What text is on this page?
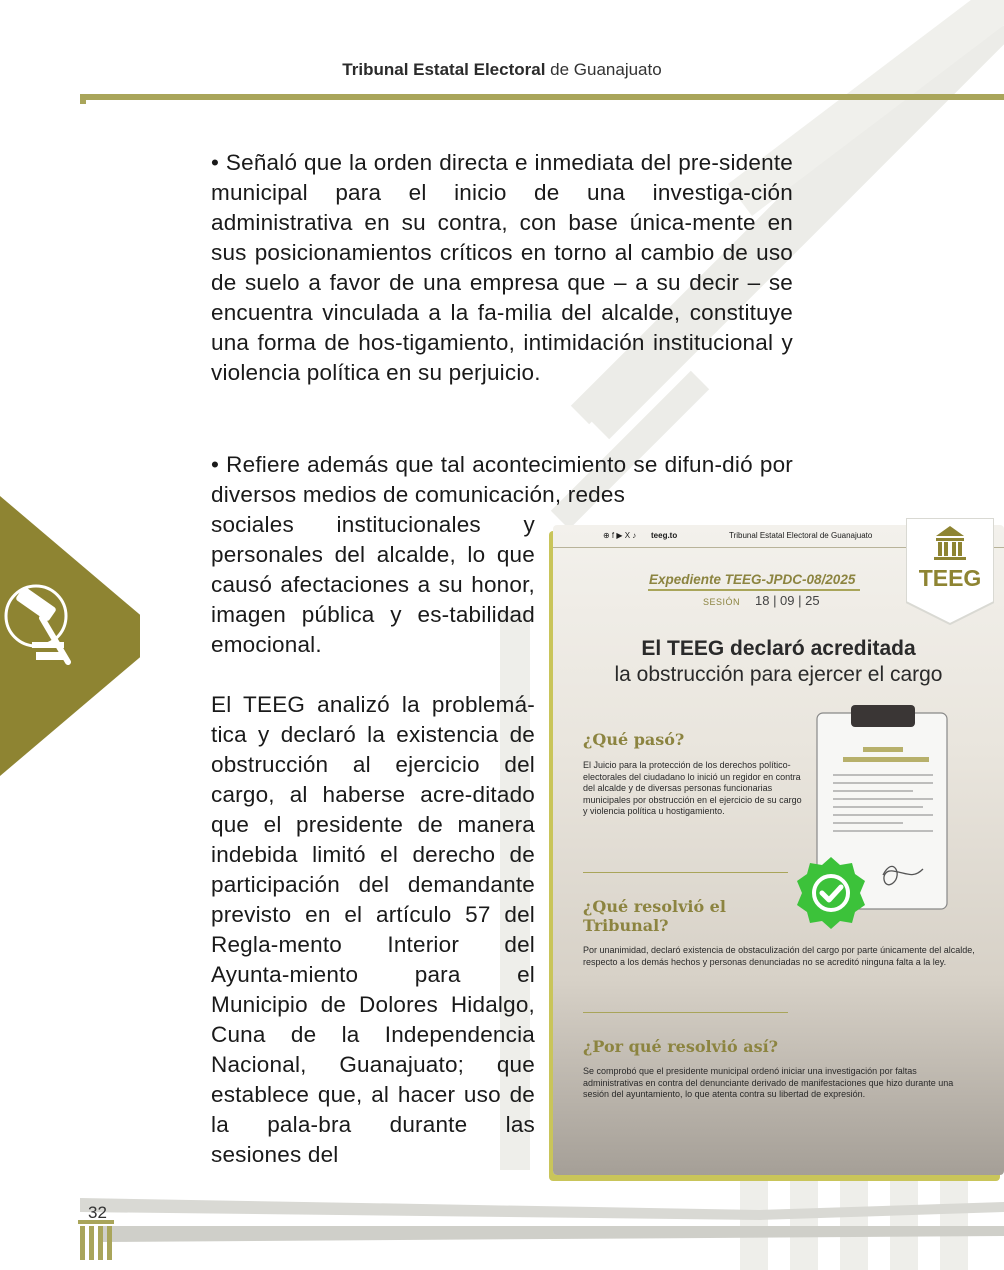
Tribunal Estatal Electoral de Guanajuato
• Señaló que la orden directa e inmediata del pre-sidente municipal para el inicio de una investiga-ción administrativa en su contra, con base única-mente en sus posicionamientos críticos en torno al cambio de uso de suelo a favor de una empresa que – a su decir – se encuentra vinculada a la fa-milia del alcalde, constituye una forma de hos-tigamiento, intimidación institucional y violencia política en su perjuicio.
• Refiere además que tal acontecimiento se difun-dió por diversos medios de comunicación, redes
sociales institucionales y personales del alcalde, lo que causó afectaciones a su honor, imagen pública y es-tabilidad emocional.
El TEEG analizó la problemá-tica y declaró la existencia de obstrucción al ejercicio del cargo, al haberse acre-ditado que el presidente de manera indebida limitó el derecho de participación del demandante previsto en el artículo 57 del Regla-mento Interior del Ayunta-miento para el Municipio de Dolores Hidalgo, Cuna de la Independencia Nacional, Guanajuato; que establece que, al hacer uso de la pala-bra durante las sesiones del
⊕ f ▶ X ♪ teeg.to	Tribunal Estatal Electoral de Guanajuato
Expediente TEEG-JPDC-08/2025
SESIÓN 18 | 09 | 25
El TEEG declaró acreditada
la obstrucción para ejercer el cargo
¿Qué pasó?
El Juicio para la protección de los derechos político-electorales del ciudadano lo inició un regidor en contra del alcalde y de diversas personas funcionarias municipales por obstrucción en el ejercicio de su cargo y violencia política u hostigamiento.
¿Qué resolvió el Tribunal?
Por unanimidad, declaró existencia de obstaculización del cargo por parte únicamente del alcalde, respecto a los demás hechos y personas denunciadas no se acreditó ninguna falta a la ley.
¿Por qué resolvió así?
Se comprobó que el presidente municipal ordenó iniciar una investigación por faltas administrativas en contra del denunciante derivado de manifestaciones que hizo durante una sesión del ayuntamiento, lo que atenta contra su libertad de expresión.
TEEG
32
